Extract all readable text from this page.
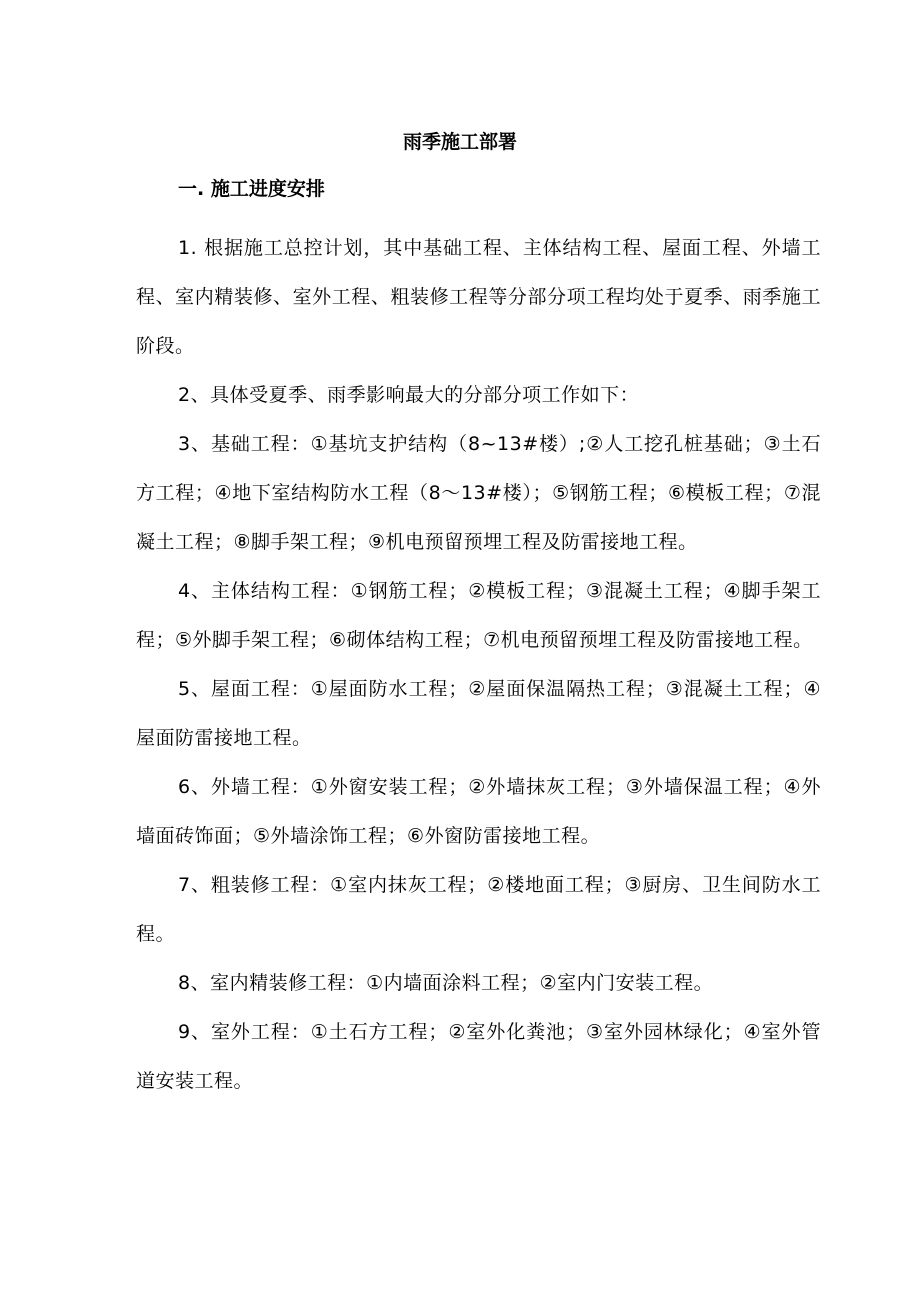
雨季施工部署
一. 施工进度安排

1. 根据施工总控计划，其中基础工程、主体结构工程、屋面工程、外墙工程、室内精装修、室外工程、粗装修工程等分部分项工程均处于夏季、雨季施工阶段。

2、具体受夏季、雨季影响最大的分部分项工作如下：

3、基础工程：①基坑支护结构（8~13#楼）;②人工挖孔桩基础；③土石方工程；④地下室结构防水工程（8～13#楼）；⑤钢筋工程；⑥模板工程；⑦混凝土工程；⑧脚手架工程；⑨机电预留预埋工程及防雷接地工程。

4、主体结构工程：①钢筋工程；②模板工程；③混凝土工程；④脚手架工程；⑤外脚手架工程；⑥砌体结构工程；⑦机电预留预埋工程及防雷接地工程。

5、屋面工程：①屋面防水工程；②屋面保温隔热工程；③混凝土工程；④屋面防雷接地工程。

6、外墙工程：①外窗安装工程；②外墙抹灰工程；③外墙保温工程；④外墙面砖饰面；⑤外墙涂饰工程；⑥外窗防雷接地工程。

7、粗装修工程：①室内抹灰工程；②楼地面工程；③厨房、卫生间防水工程。

8、室内精装修工程：①内墙面涂料工程；②室内门安装工程。

9、室外工程：①土石方工程；②室外化粪池；③室外园林绿化；④室外管道安装工程。
